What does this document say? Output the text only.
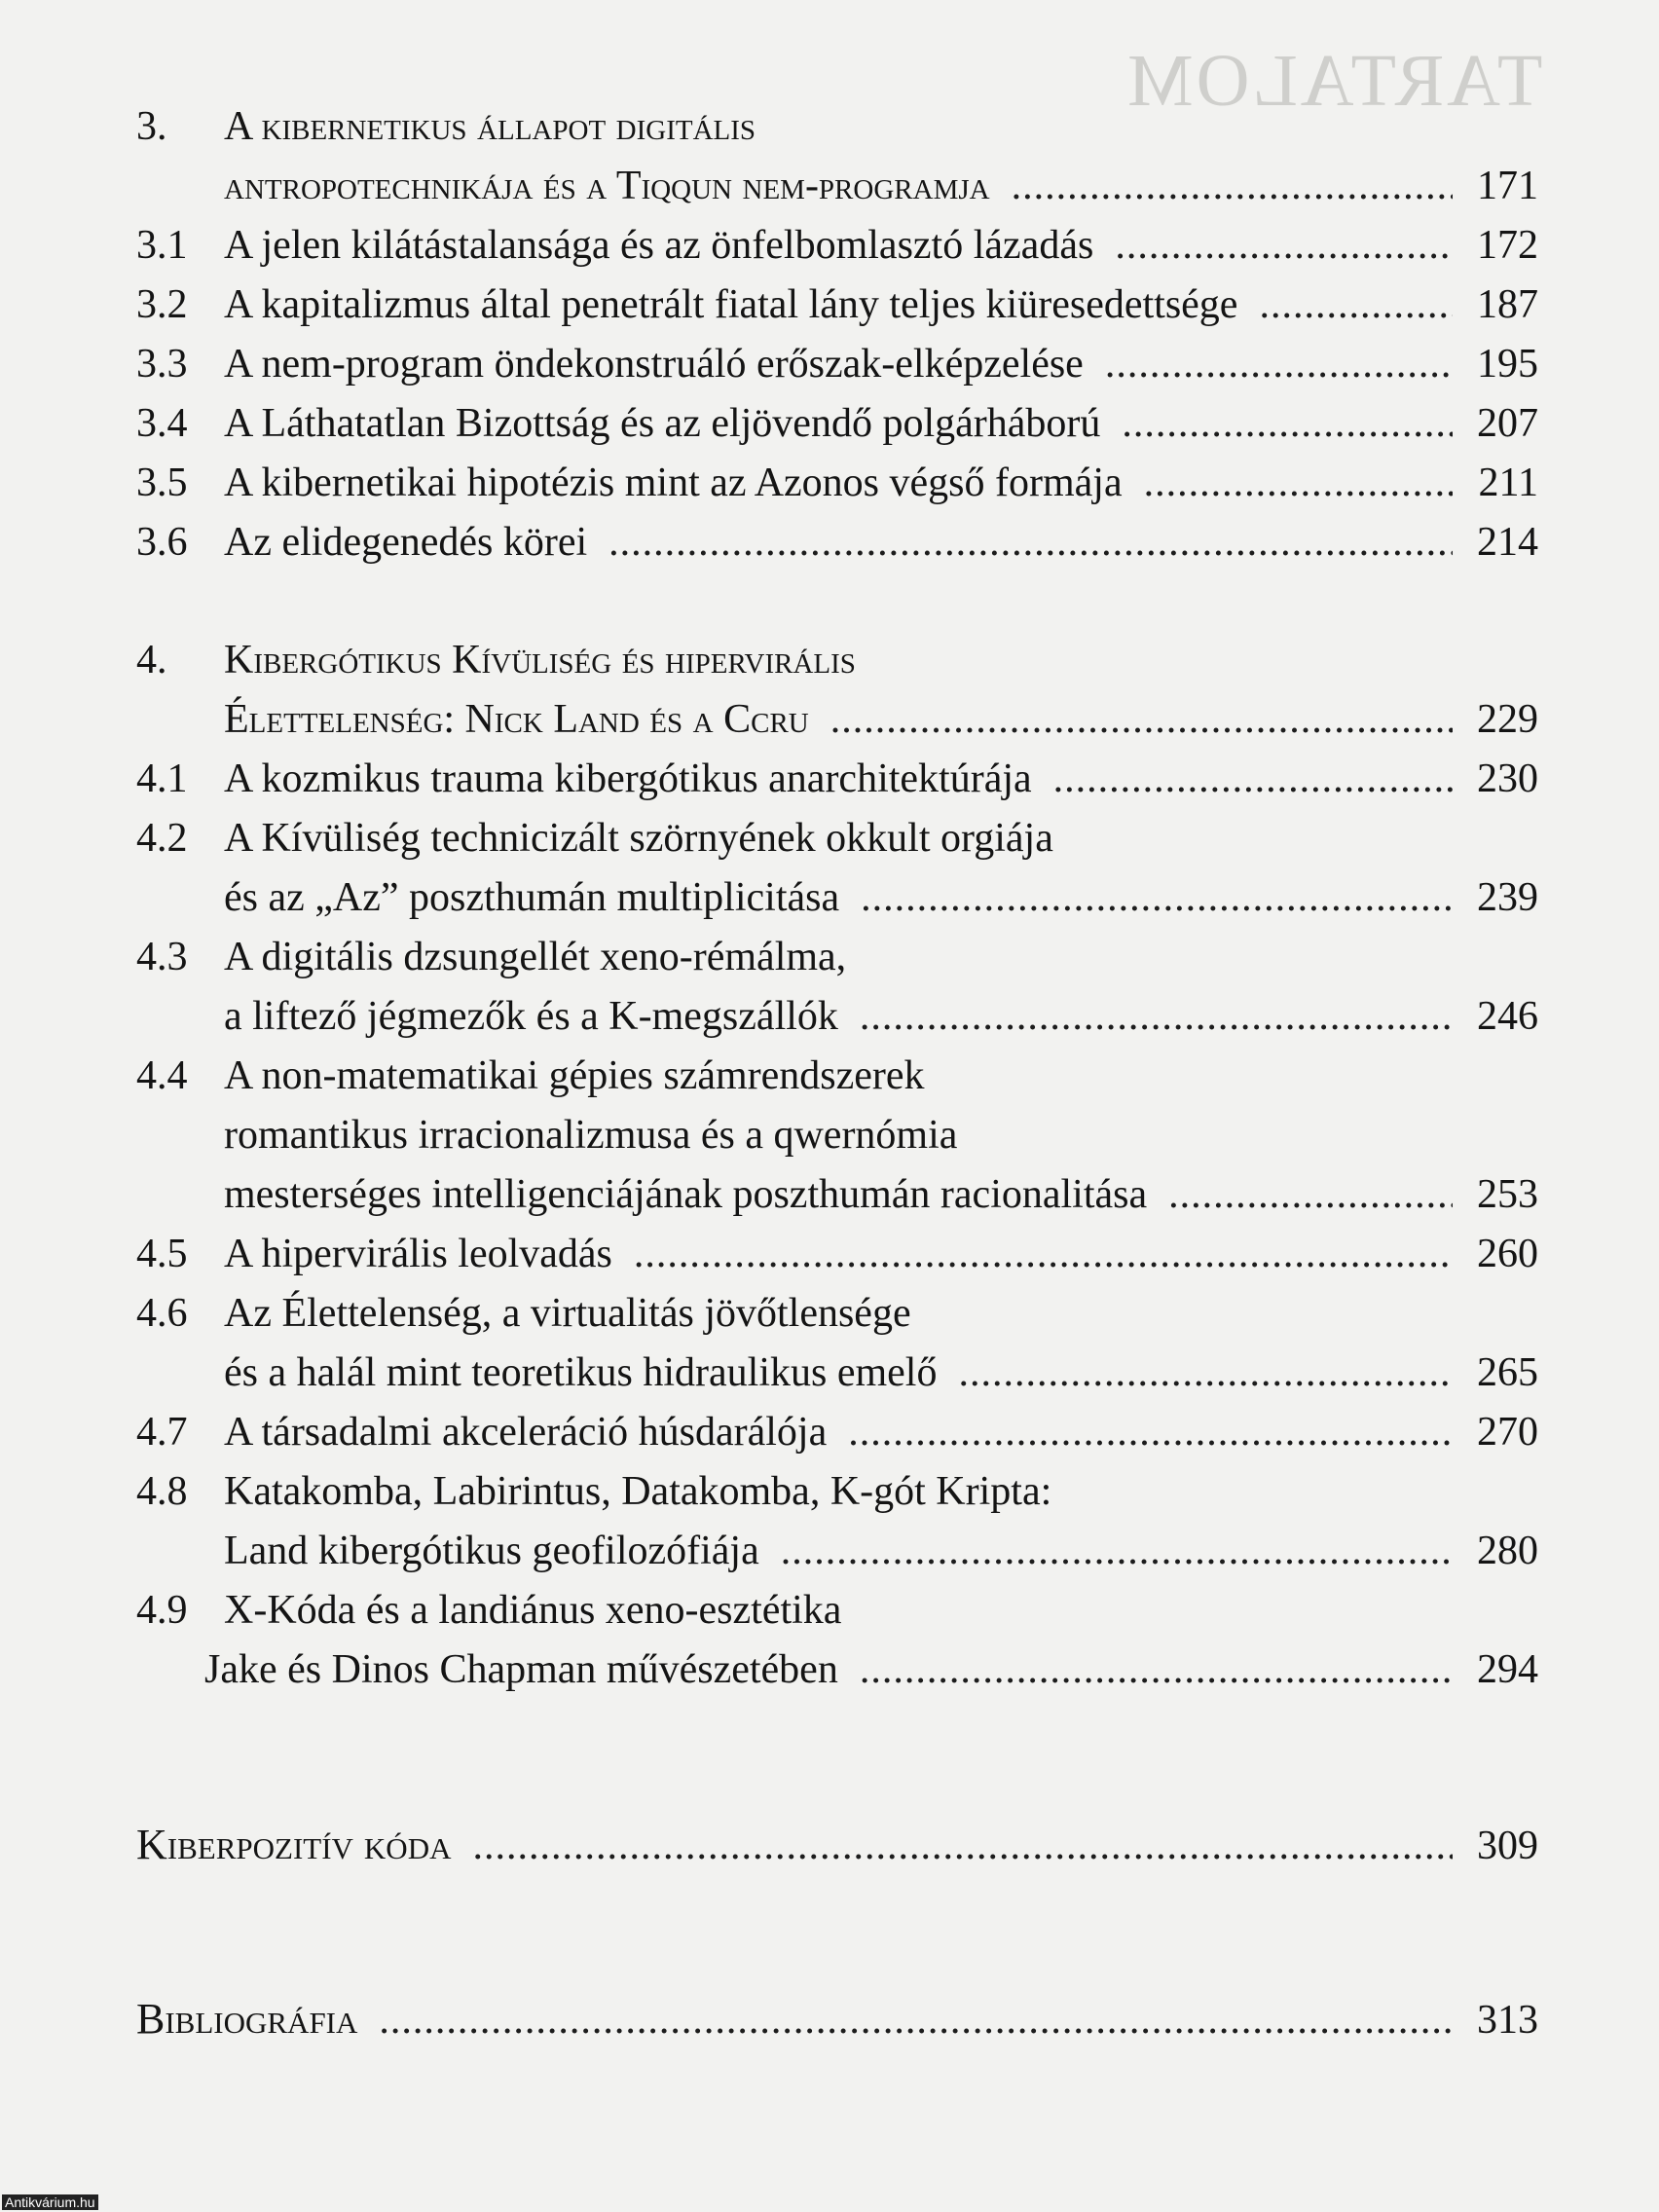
TARTALOM
3.	A kibernetikus állapot digitális
antropotechnikája és a Tiqqun nem-programja .....	171
3.1 A jelen kilátástalansága és az önfelbomlasztó lázadás .....	172
3.2 A kapitalizmus által penetrált fiatal lány teljes kiüresedettsége .....	187
3.3 A nem-program öndekonstruáló erőszak-elképzelése .....	195
3.4 A Láthatatlan Bizottság és az eljövendő polgárháború .....	207
3.5 A kibernetikai hipotézis mint az Azonos végső formája .....	211
3.6 Az elidegenedés körei .....	214
4.	Kibergótikus Kívüliség és hipervirális
Élettelenség: Nick Land és a Ccru .....	229
4.1 A kozmikus trauma kibergótikus anarchitektúrája .....	230
4.2 A Kívüliség technicizált szörnyének okkult orgiája
és az „Az” poszthumán multiplicitása .....	239
4.3 A digitális dzsungellét xeno-rémálma,
a liftező jégmezők és a K-megszállók .....	246
4.4 A non-matematikai gépies számrendszerek
romantikus irracionalizmusa és a qwernómia
mesterséges intelligenciájának poszthumán racionalitása .....	253
4.5 A hipervirális leolvadás .....	260
4.6 Az Élettelenség, a virtualitás jövőtlensége
és a halál mint teoretikus hidraulikus emelő .....	265
4.7 A társadalmi akceleráció húsdarálója .....	270
4.8 Katakomba, Labirintus, Datakomba, K-gót Kripta:
Land kibergótikus geofilozófiája .....	280
4.9 X-Kóda és a landiánus xeno-esztétika
Jake és Dinos Chapman művészetében .....	294
Kiberpozitív kóda .....	309
Bibliográfia .....	313
Antikvárium.hu
